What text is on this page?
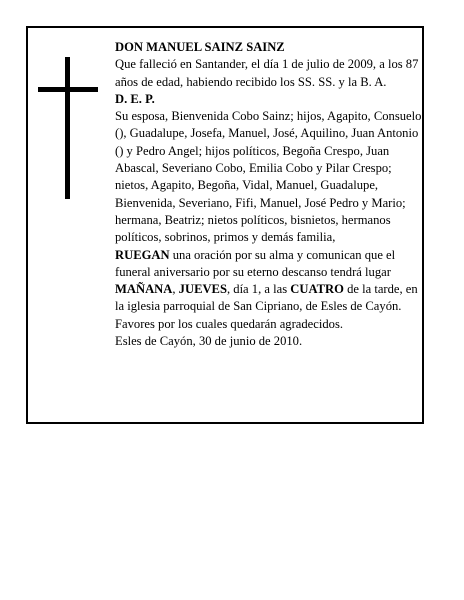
DON MANUEL SAINZ SAINZ

Que falleció en Santander, el día 1 de julio de 2009, a los 87 años de edad, habiendo recibido los SS. SS. y la B. A.

D. E. P.

Su esposa, Bienvenida Cobo Sainz; hijos, Agapito, Consuelo (), Guadalupe, Josefa, Manuel, José, Aquilino, Juan Antonio () y Pedro Angel; hijos políticos, Begoña Crespo, Juan Abascal, Severiano Cobo, Emilia Cobo y Pilar Crespo; nietos, Agapito, Begoña, Vidal, Manuel, Guadalupe, Bienvenida, Severiano, Fifi, Manuel, José Pedro y Mario; hermana, Beatriz; nietos políticos, bisnietos, hermanos políticos, sobrinos, primos y demás familia,

RUEGAN una oración por su alma y comunican que el funeral aniversario por su eterno descanso tendrá lugar MAÑANA, JUEVES, día 1, a las CUATRO de la tarde, en la iglesia parroquial de San Cipriano, de Esles de Cayón. Favores por los cuales quedarán agradecidos.

Esles de Cayón, 30 de junio de 2010.
